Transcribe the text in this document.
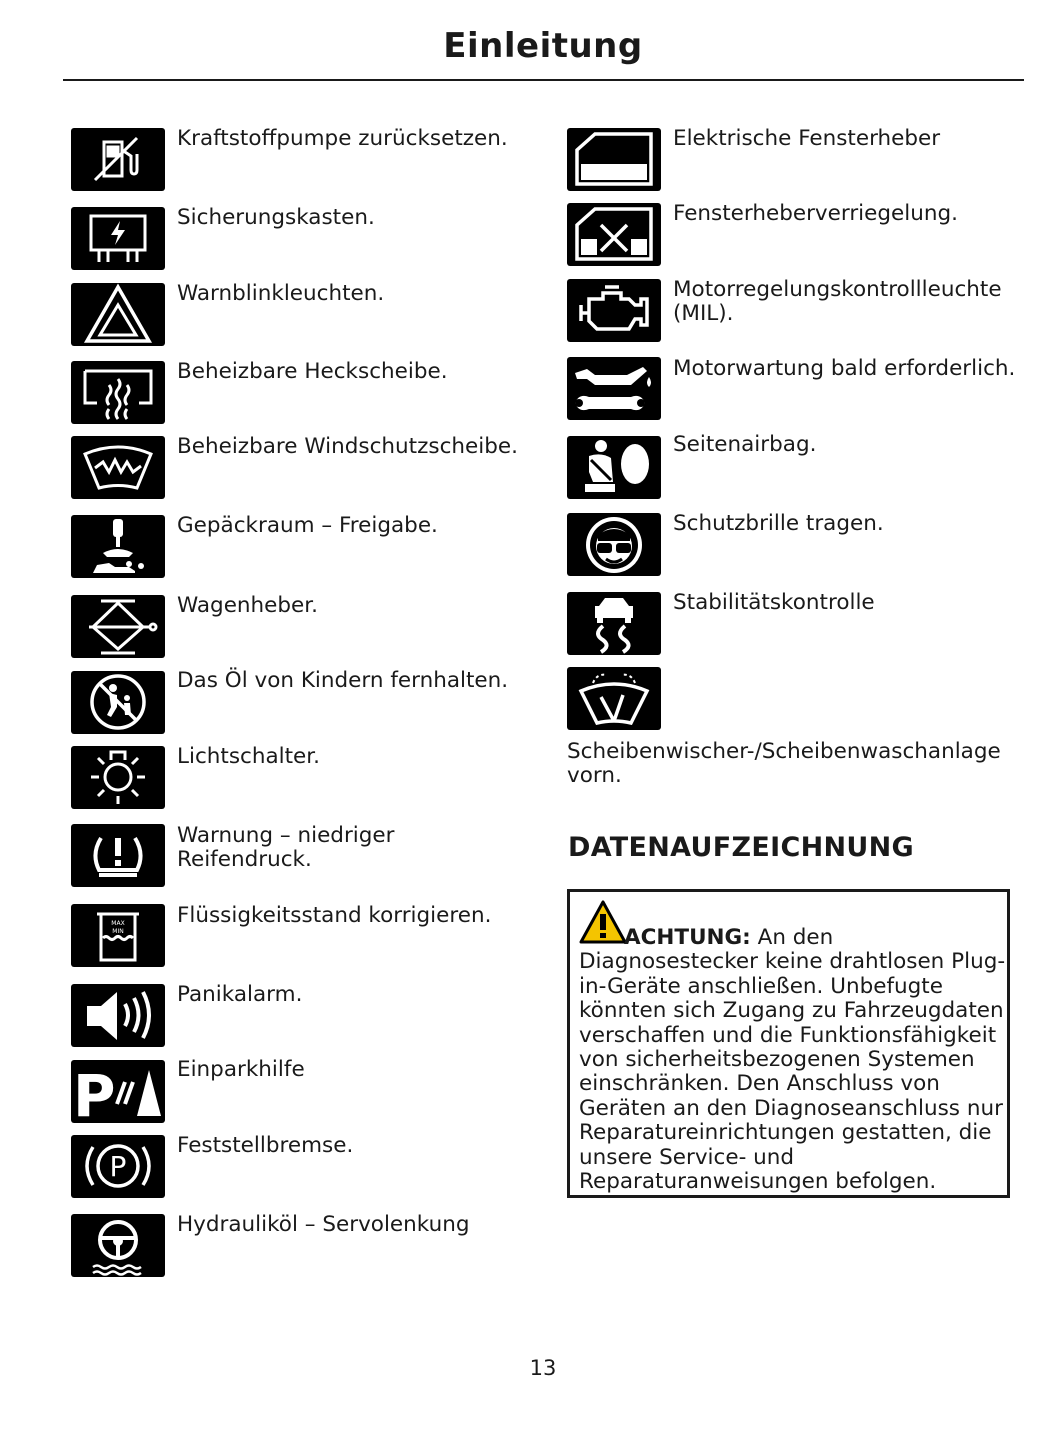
Einleitung
Kraftstoffpumpe zurücksetzen.
Sicherungskasten.
Warnblinkleuchten.
Beheizbare Heckscheibe.
Beheizbare Windschutzscheibe.
Gepäckraum – Freigabe.
Wagenheber.
Das Öl von Kindern fernhalten.
Lichtschalter.
Warnung – niedriger Reifendruck.
MAX
MIN
Flüssigkeitsstand korrigieren.
Panikalarm.
P	Einparkhilfe
P
Feststellbremse.
Hydrauliköl – Servolenkung
Elektrische Fensterheber
Fensterheberverriegelung.
Motorregelungskontrollleuchte (MIL).
Motorwartung bald erforderlich.
Seitenairbag.
Schutzbrille tragen.
Stabilitätskontrolle
Scheibenwischer-/Scheibenwaschanlage vorn.
DATENAUFZEICHNUNG
ACHTUNG: An den Diagnosestecker keine drahtlosen Plug-in-Geräte anschließen. Unbefugte könnten sich Zugang zu Fahrzeugdaten verschaffen und die Funktionsfähigkeit von sicherheitsbezogenen Systemen einschränken. Den Anschluss von Geräten an den Diagnoseanschluss nur Reparatureinrichtungen gestatten, die unsere Service- und Reparaturanweisungen befolgen.
13
